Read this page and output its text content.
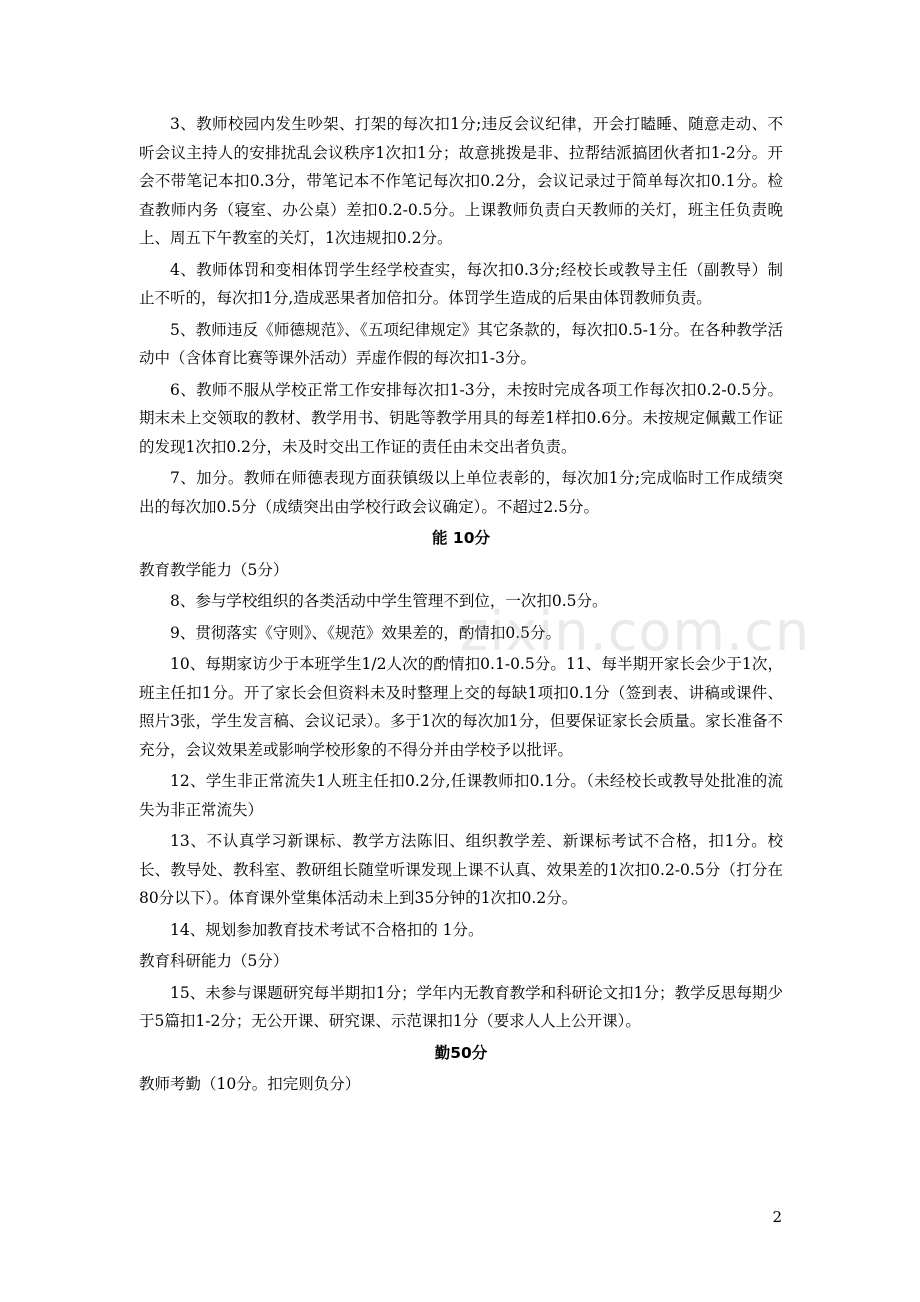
3、教师校园内发生吵架、打架的每次扣1分;违反会议纪律，开会打瞌睡、随意走动、不听会议主持人的安排扰乱会议秩序1次扣1分；故意挑拨是非、拉帮结派搞团伙者扣1-2分。开会不带笔记本扣0.3分，带笔记本不作笔记每次扣0.2分，会议记录过于简单每次扣0.1分。检查教师内务（寝室、办公桌）差扣0.2-0.5分。上课教师负责白天教师的关灯，班主任负责晚上、周五下午教室的关灯，1次违规扣0.2分。

4、教师体罚和变相体罚学生经学校查实，每次扣0.3分;经校长或教导主任（副教导）制止不听的，每次扣1分,造成恶果者加倍扣分。体罚学生造成的后果由体罚教师负责。

5、教师违反《师德规范》、《五项纪律规定》其它条款的，每次扣0.5-1分。在各种教学活动中（含体育比赛等课外活动）弄虚作假的每次扣1-3分。

6、教师不服从学校正常工作安排每次扣1-3分，未按时完成各项工作每次扣0.2-0.5分。期末未上交领取的教材、教学用书、钥匙等教学用具的每差1样扣0.6分。未按规定佩戴工作证的发现1次扣0.2分，未及时交出工作证的责任由未交出者负责。

7、加分。教师在师德表现方面获镇级以上单位表彰的，每次加1分;完成临时工作成绩突出的每次加0.5分（成绩突出由学校行政会议确定）。不超过2.5分。

能 10分

教育教学能力（5分）

8、参与学校组织的各类活动中学生管理不到位，一次扣0.5分。

9、贯彻落实《守则》、《规范》效果差的，酌情扣0.5分。

10、每期家访少于本班学生1/2人次的酌情扣0.1-0.5分。11、每半期开家长会少于1次，班主任扣1分。开了家长会但资料未及时整理上交的每缺1项扣0.1分（签到表、讲稿或课件、照片3张，学生发言稿、会议记录）。多于1次的每次加1分，但要保证家长会质量。家长准备不充分，会议效果差或影响学校形象的不得分并由学校予以批评。

12、学生非正常流失1人班主任扣0.2分,任课教师扣0.1分。（未经校长或教导处批准的流失为非正常流失）

13、不认真学习新课标、教学方法陈旧、组织教学差、新课标考试不合格，扣1分。校长、教导处、教科室、教研组长随堂听课发现上课不认真、效果差的1次扣0.2-0.5分（打分在80分以下）。体育课外堂集体活动未上到35分钟的1次扣0.2分。

14、规划参加教育技术考试不合格扣的 1分。

教育科研能力（5分）

15、未参与课题研究每半期扣1分；学年内无教育教学和科研论文扣1分；教学反思每期少于5篇扣1-2分；无公开课、研究课、示范课扣1分（要求人人上公开课）。

勤50分

教师考勤（10分。扣完则负分）

zixin.com.cn
2
